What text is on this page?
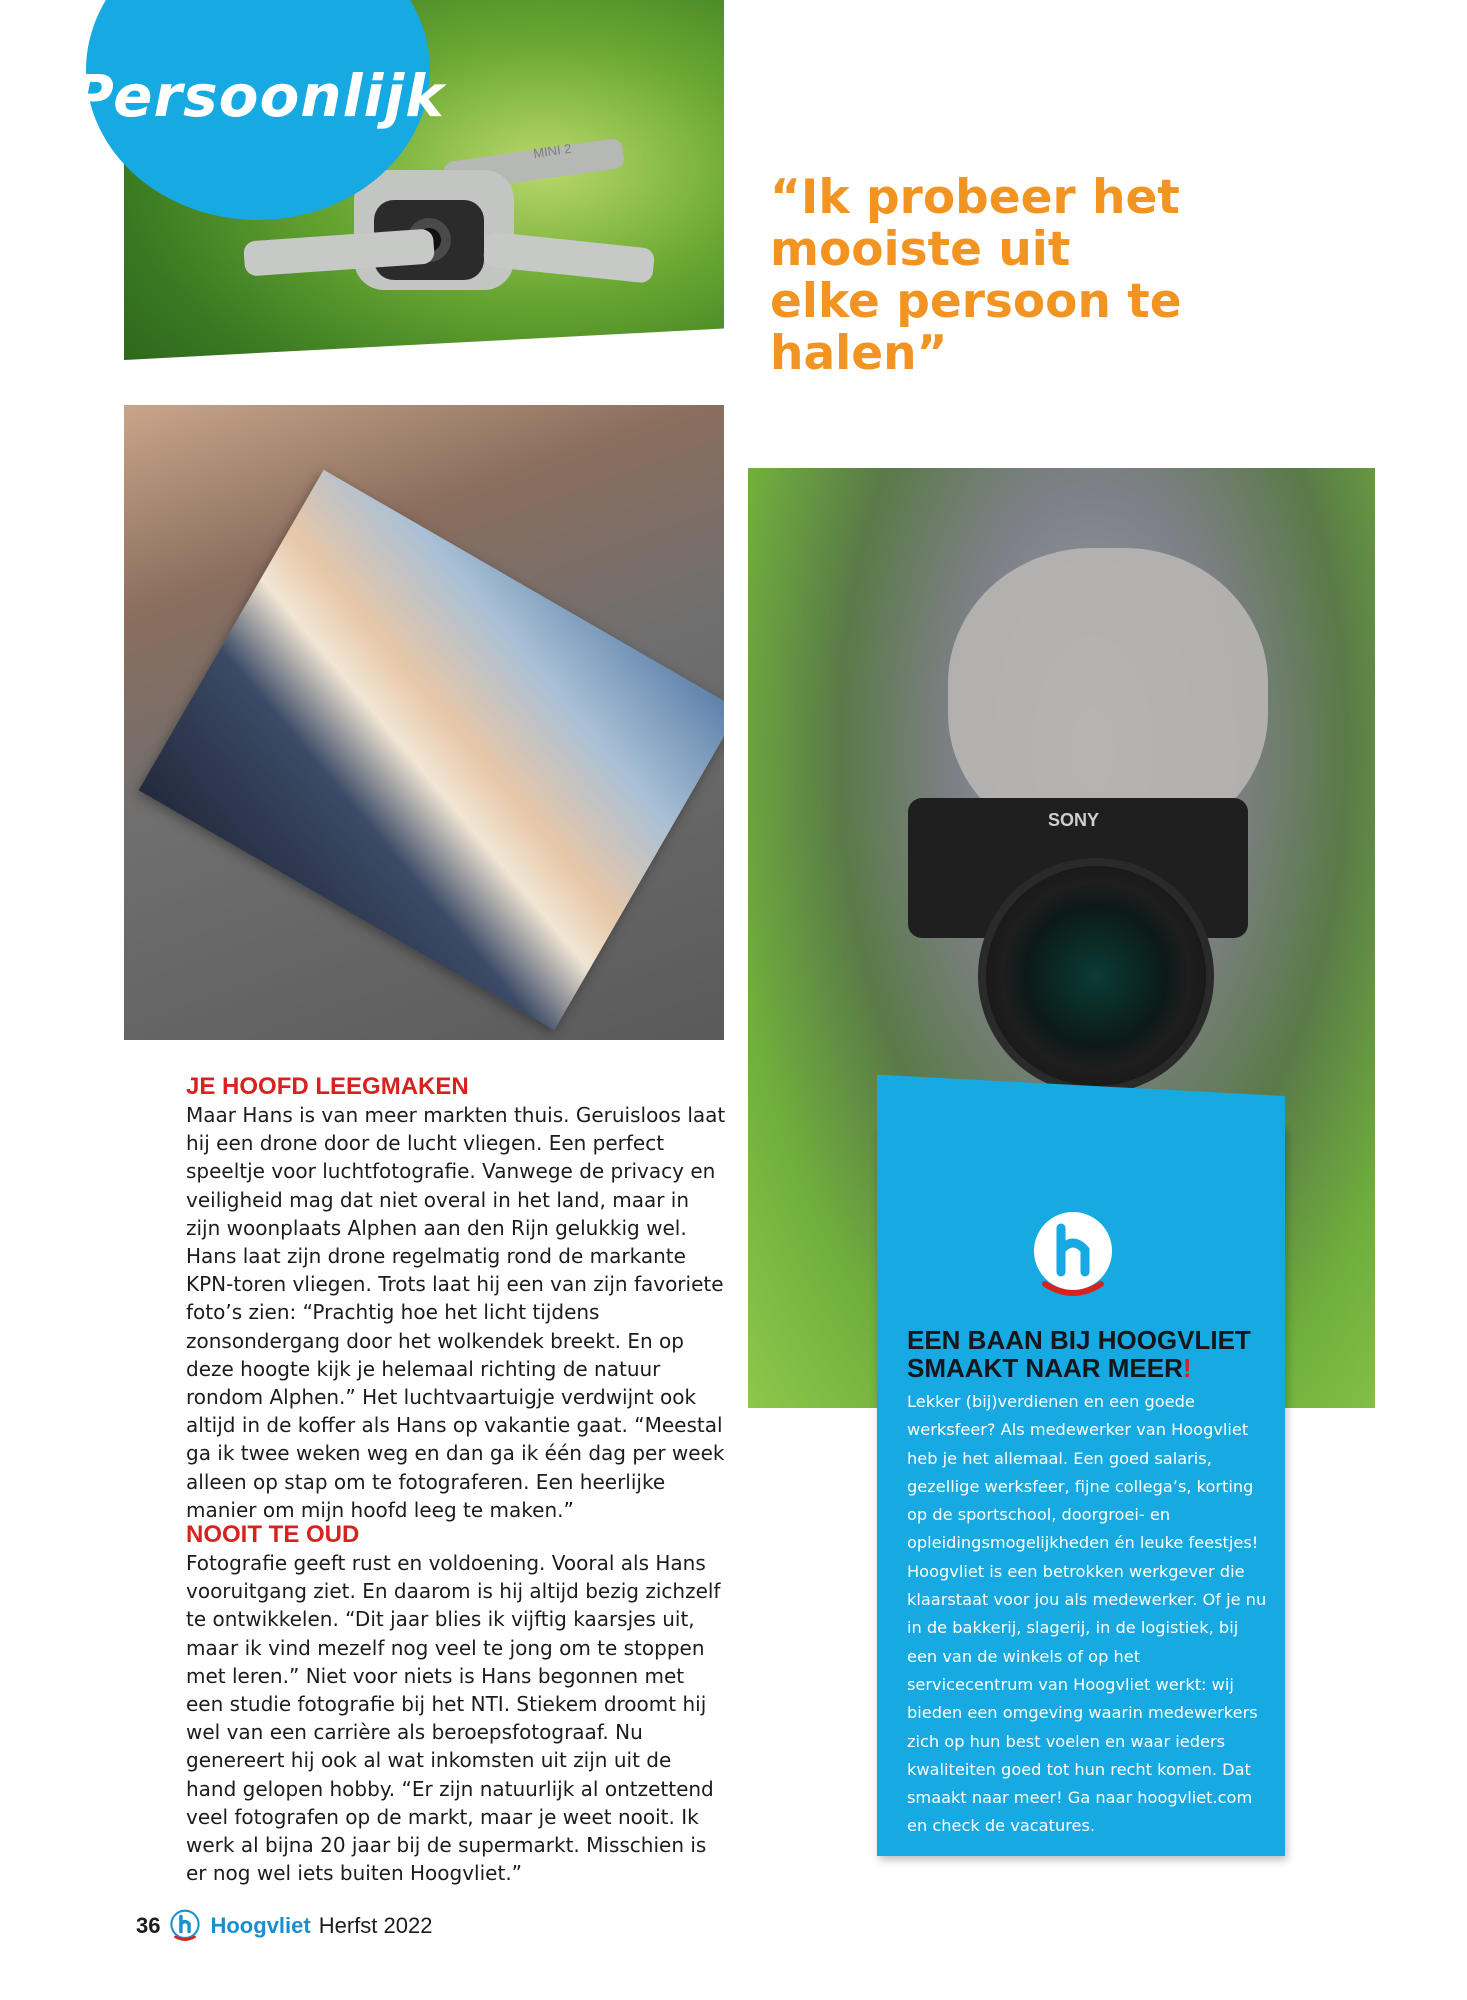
MINI 2
Persoonlijk
“Ik probeer het mooiste uit elke persoon te halen”
SONY
JE HOOFD LEEGMAKEN

Maar Hans is van meer markten thuis. Geruisloos laat hij een drone door de lucht vliegen. Een perfect speeltje voor luchtfotografie. Vanwege de privacy en veiligheid mag dat niet overal in het land, maar in zijn woonplaats Alphen aan den Rijn gelukkig wel. Hans laat zijn drone regelmatig rond de markante KPN-toren vliegen. Trots laat hij een van zijn favoriete foto’s zien: “Prachtig hoe het licht tijdens zonsondergang door het wolkendek breekt. En op deze hoogte kijk je helemaal richting de natuur rondom Alphen.” Het luchtvaartuigje verdwijnt ook altijd in de koffer als Hans op vakantie gaat. “Meestal ga ik twee weken weg en dan ga ik één dag per week alleen op stap om te fotograferen. Een heerlijke manier om mijn hoofd leeg te maken.”

NOOIT TE OUD

Fotografie geeft rust en voldoening. Vooral als Hans vooruitgang ziet. En daarom is hij altijd bezig zichzelf te ontwikkelen. “Dit jaar blies ik vijftig kaarsjes uit, maar ik vind mezelf nog veel te jong om te stoppen met leren.” Niet voor niets is Hans begonnen met een studie fotografie bij het NTI. Stiekem droomt hij wel van een carrière als beroepsfotograaf. Nu genereert hij ook al wat inkomsten uit zijn uit de hand gelopen hobby. “Er zijn natuurlijk al ontzettend veel fotografen op de markt, maar je weet nooit. Ik werk al bijna 20 jaar bij de supermarkt. Misschien is er nog wel iets buiten Hoogvliet.”

EEN BAAN BIJ HOOGVLIET SMAAKT NAAR MEER!

Lekker (bij)verdienen en een goede werksfeer? Als medewerker van Hoogvliet heb je het allemaal. Een goed salaris, gezellige werksfeer, fijne collega’s, korting op de sportschool, doorgroei- en opleidingsmogelijkheden én leuke feestjes! Hoogvliet is een betrokken werkgever die klaarstaat voor jou als medewerker. Of je nu in de bakkerij, slagerij, in de logistiek, bij een van de winkels of op het servicecentrum van Hoogvliet werkt: wij bieden een omgeving waarin medewerkers zich op hun best voelen en waar ieders kwaliteiten goed tot hun recht komen. Dat smaakt naar meer! Ga naar hoogvliet.com en check de vacatures.

36 Hoogvliet Herfst 2022
